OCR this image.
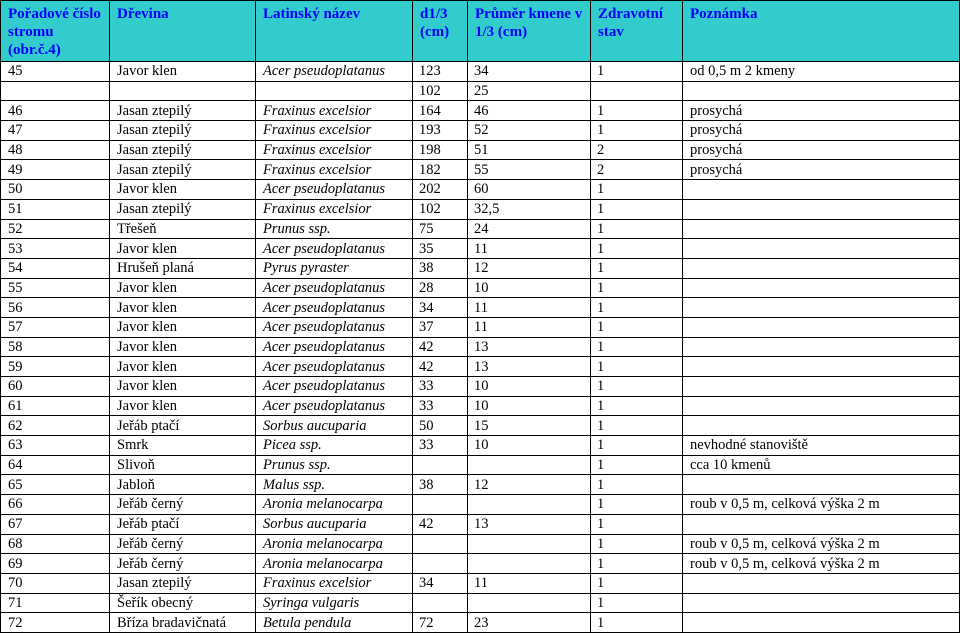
Pořadové číslo stromu (obr.č.4)	Dřevina	Latinský název	d1/3 (cm)	Průměr kmene v 1/3 (cm)	Zdravotní stav	Poznámka
45	Javor klen	Acer pseudoplatanus	123	34	1	od 0,5 m 2 kmeny
			102	25		
46	Jasan ztepilý	Fraxinus excelsior	164	46	1	prosychá
47	Jasan ztepilý	Fraxinus excelsior	193	52	1	prosychá
48	Jasan ztepilý	Fraxinus excelsior	198	51	2	prosychá
49	Jasan ztepilý	Fraxinus excelsior	182	55	2	prosychá
50	Javor klen	Acer pseudoplatanus	202	60	1	
51	Jasan ztepilý	Fraxinus excelsior	102	32,5	1	
52	Třešeň	Prunus ssp.	75	24	1	
53	Javor klen	Acer pseudoplatanus	35	11	1	
54	Hrušeň planá	Pyrus pyraster	38	12	1	
55	Javor klen	Acer pseudoplatanus	28	10	1	
56	Javor klen	Acer pseudoplatanus	34	11	1	
57	Javor klen	Acer pseudoplatanus	37	11	1	
58	Javor klen	Acer pseudoplatanus	42	13	1	
59	Javor klen	Acer pseudoplatanus	42	13	1	
60	Javor klen	Acer pseudoplatanus	33	10	1	
61	Javor klen	Acer pseudoplatanus	33	10	1	
62	Jeřáb ptačí	Sorbus aucuparia	50	15	1	
63	Smrk	Picea ssp.	33	10	1	nevhodné stanoviště
64	Slivoň	Prunus ssp.			1	cca 10 kmenů
65	Jabloň	Malus ssp.	38	12	1	
66	Jeřáb černý	Aronia melanocarpa			1	roub v 0,5 m, celková výška 2 m
67	Jeřáb ptačí	Sorbus aucuparia	42	13	1	
68	Jeřáb černý	Aronia melanocarpa			1	roub v 0,5 m, celková výška 2 m
69	Jeřáb černý	Aronia melanocarpa			1	roub v 0,5 m, celková výška 2 m
70	Jasan ztepilý	Fraxinus excelsior	34	11	1	
71	Šeřík obecný	Syringa vulgaris			1	
72	Bříza bradavičnatá	Betula pendula	72	23	1	
